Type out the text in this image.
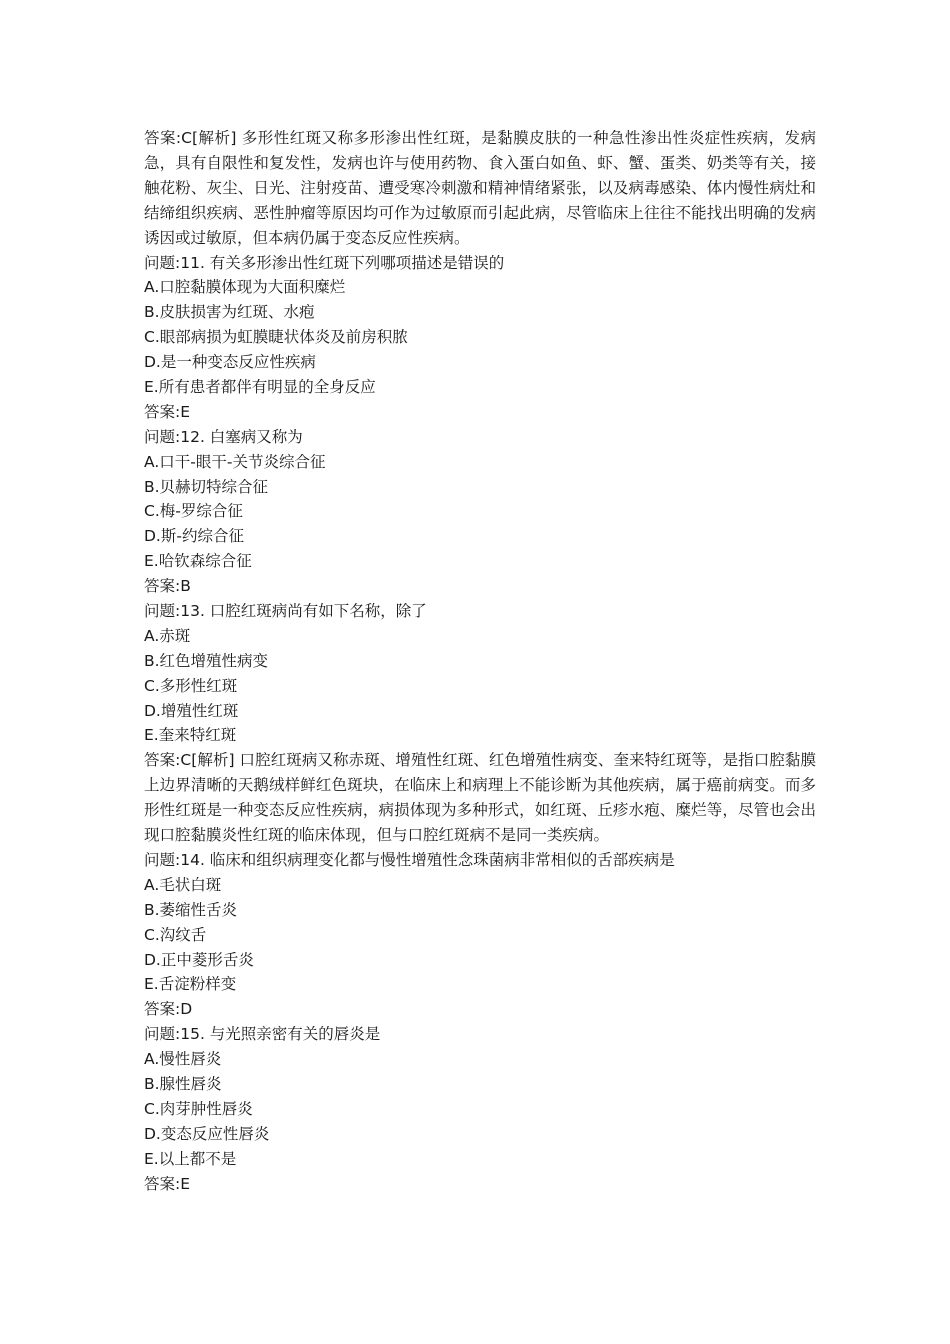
答案:C[解析] 多形性红斑又称多形渗出性红斑，是黏膜皮肤的一种急性渗出性炎症性疾病，发病急，具有自限性和复发性，发病也许与使用药物、食入蛋白如鱼、虾、蟹、蛋类、奶类等有关，接触花粉、灰尘、日光、注射疫苗、遭受寒冷刺激和精神情绪紧张，以及病毒感染、体内慢性病灶和结缔组织疾病、恶性肿瘤等原因均可作为过敏原而引起此病，尽管临床上往往不能找出明确的发病诱因或过敏原，但本病仍属于变态反应性疾病。
问题:11. 有关多形渗出性红斑下列哪项描述是错误的
A.口腔黏膜体现为大面积糜烂
B.皮肤损害为红斑、水疱
C.眼部病损为虹膜睫状体炎及前房积脓
D.是一种变态反应性疾病
E.所有患者都伴有明显的全身反应
答案:E
问题:12. 白塞病又称为
A.口干-眼干-关节炎综合征
B.贝赫切特综合征
C.梅-罗综合征
D.斯-约综合征
E.哈钦森综合征
答案:B
问题:13. 口腔红斑病尚有如下名称，除了
A.赤斑
B.红色增殖性病变
C.多形性红斑
D.增殖性红斑
E.奎来特红斑
答案:C[解析] 口腔红斑病又称赤斑、增殖性红斑、红色增殖性病变、奎来特红斑等，是指口腔黏膜上边界清晰的天鹅绒样鲜红色斑块，在临床上和病理上不能诊断为其他疾病，属于癌前病变。而多形性红斑是一种变态反应性疾病，病损体现为多种形式，如红斑、丘疹水疱、糜烂等，尽管也会出现口腔黏膜炎性红斑的临床体现，但与口腔红斑病不是同一类疾病。
问题:14. 临床和组织病理变化都与慢性增殖性念珠菌病非常相似的舌部疾病是
A.毛状白斑
B.萎缩性舌炎
C.沟纹舌
D.正中菱形舌炎
E.舌淀粉样变
答案:D
问题:15. 与光照亲密有关的唇炎是
A.慢性唇炎
B.腺性唇炎
C.肉芽肿性唇炎
D.变态反应性唇炎
E.以上都不是
答案:E
